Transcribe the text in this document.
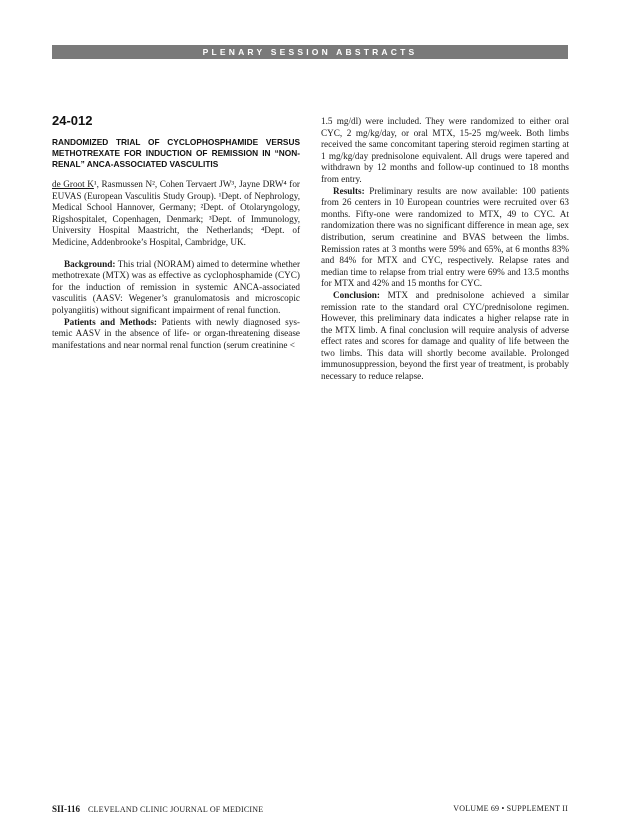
PLENARY SESSION ABSTRACTS
24-012
RANDOMIZED TRIAL OF CYCLOPHOSPHAMIDE VERSUS METHOTREXATE FOR INDUCTION OF REMISSION IN “NON-RENAL” ANCA-ASSOCIATED VASCULITIS

de Groot K¹, Rasmussen N², Cohen Tervaert JW³, Jayne DRW⁴ for EUVAS (European Vasculitis Study Group). ¹Dept. of Nephrology, Medical School Hannover, Germany; ²Dept. of Otolaryngology, Rigshospitalet, Copenhagen, Denmark; ³Dept. of Immunology, University Hospital Maastricht, the Netherlands; ⁴Dept. of Medicine, Addenbrooke’s Hospital, Cambridge, UK.

Background: This trial (NORAM) aimed to determine whether methotrexate (MTX) was as effective as cyclophosphamide (CYC) for the induction of remission in systemic ANCA-associated vasculitis (AASV: Wegener’s granulomatosis and microscopic polyangiitis) without significant impairment of renal function.

Patients and Methods: Patients with newly diagnosed systemic AASV in the absence of life- or organ-threatening disease manifestations and near normal renal function (serum creatinine <

SII-116 CLEVELAND CLINIC JOURNAL OF MEDICINE	VOLUME 69 • SUPPLEMENT II

1.5 mg/dl) were included. They were randomized to either oral CYC, 2 mg/kg/day, or oral MTX, 15-25 mg/week. Both limbs received the same concomitant tapering steroid regimen starting at 1 mg/kg/day prednisolone equivalent. All drugs were tapered and withdrawn by 12 months and follow-up continued to 18 months from entry.

Results: Preliminary results are now available: 100 patients from 26 centers in 10 European countries were recruited over 63 months. Fifty-one were randomized to MTX, 49 to CYC. At randomization there was no significant difference in mean age, sex distribution, serum creatinine and BVAS between the limbs. Remission rates at 3 months were 59% and 65%, at 6 months 83% and 84% for MTX and CYC, respectively. Relapse rates and median time to relapse from trial entry were 69% and 13.5 months for MTX and 42% and 15 months for CYC.

Conclusion: MTX and prednisolone achieved a similar remission rate to the standard oral CYC/prednisolone regimen. However, this preliminary data indicates a higher relapse rate in the MTX limb. A final conclusion will require analysis of adverse effect rates and scores for damage and quality of life between the two limbs. This data will shortly become available. Prolonged immunosuppression, beyond the first year of treatment, is probably necessary to reduce relapse.
